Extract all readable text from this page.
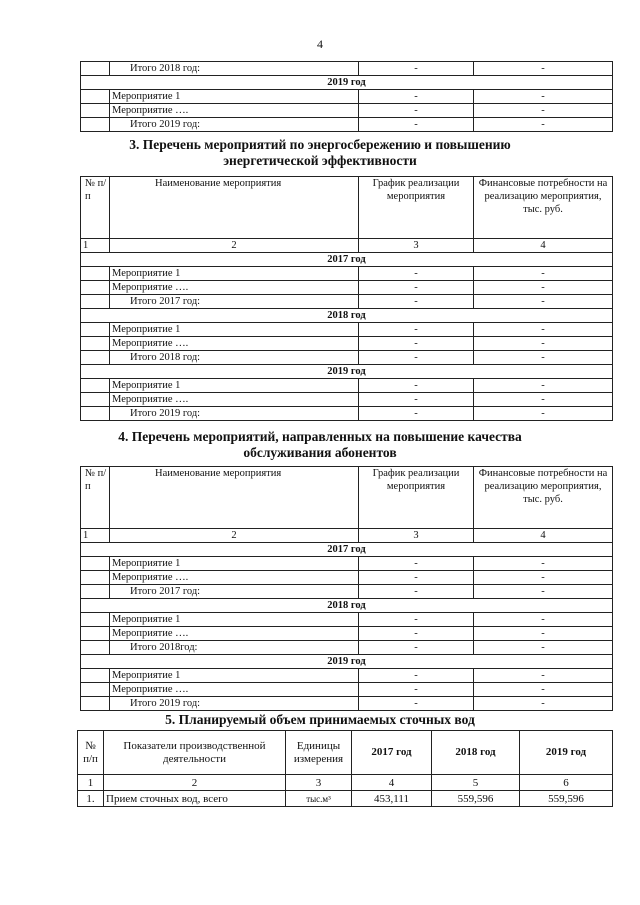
4
	Итого 2018 год:	-	-
2019 год			
	Мероприятие 1	-	-
	Мероприятие ….	-	-
	Итого 2019 год:	-	-
3. Перечень мероприятий по энергосбережению и повышению
энергетической эффективности
№ п/п	Наименование мероприятия	График реализации мероприятия	Финансовые потребности на реализацию мероприятия, тыс. руб.
1	2	3	4
2017 год			
	Мероприятие 1	-	-
	Мероприятие ….	-	-
	Итого 2017 год:	-	-
2018 год			
	Мероприятие 1	-	-
	Мероприятие ….	-	-
	Итого 2018 год:	-	-
2019 год			
	Мероприятие 1	-	-
	Мероприятие ….	-	-
	Итого 2019 год:	-	-
4. Перечень мероприятий, направленных на повышение качества
обслуживания абонентов
№ п/п	Наименование мероприятия	График реализации мероприятия	Финансовые потребности на реализацию мероприятия, тыс. руб.
1	2	3	4
2017 год			
	Мероприятие 1	-	-
	Мероприятие ….	-	-
	Итого 2017 год:	-	-
2018 год			
	Мероприятие 1	-	-
	Мероприятие ….	-	-
	Итого 2018год:	-	-
2019 год			
	Мероприятие 1	-	-
	Мероприятие ….	-	-
	Итого 2019 год:	-	-
5. Планируемый объем принимаемых сточных вод
№ п/п	Показатели производственной деятельности	Единицы измерения	2017 год	2018 год	2019 год
1	2	3	4	5	6
1.	Прием сточных вод, всего	тыс.м³	453,111	559,596	559,596
